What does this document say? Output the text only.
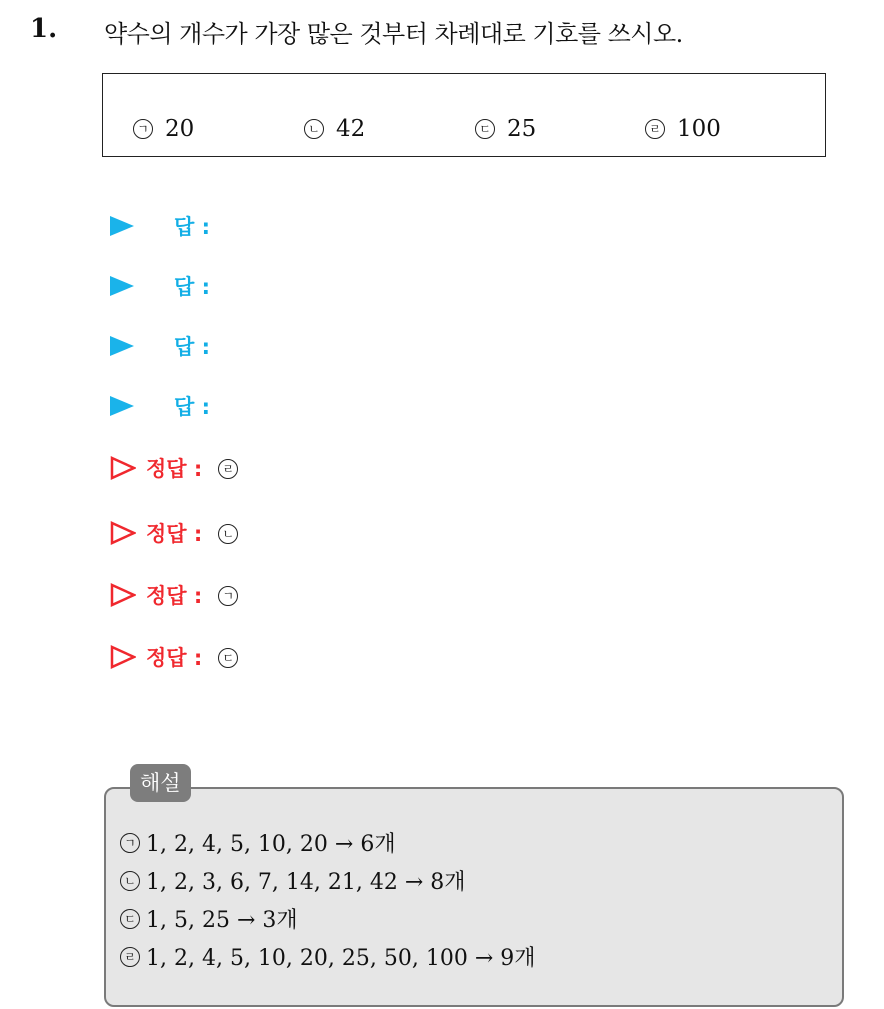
1. 약수의 개수가 가장 많은 것부터 차례대로 기호를 쓰시오.
ㄱ 20	ㄴ 42	ㄷ 25	ㄹ 100
답 :
답 :
답 :
답 :
정답 :	ㄹ
정답 :	ㄴ
정답 :	ㄱ
정답 :	ㄷ
해설
ㄱ 1, 2, 4, 5, 10, 20 → 6개
ㄴ 1, 2, 3, 6, 7, 14, 21, 42 → 8개
ㄷ 1, 5, 25 → 3개
ㄹ 1, 2, 4, 5, 10, 20, 25, 50, 100 → 9개
